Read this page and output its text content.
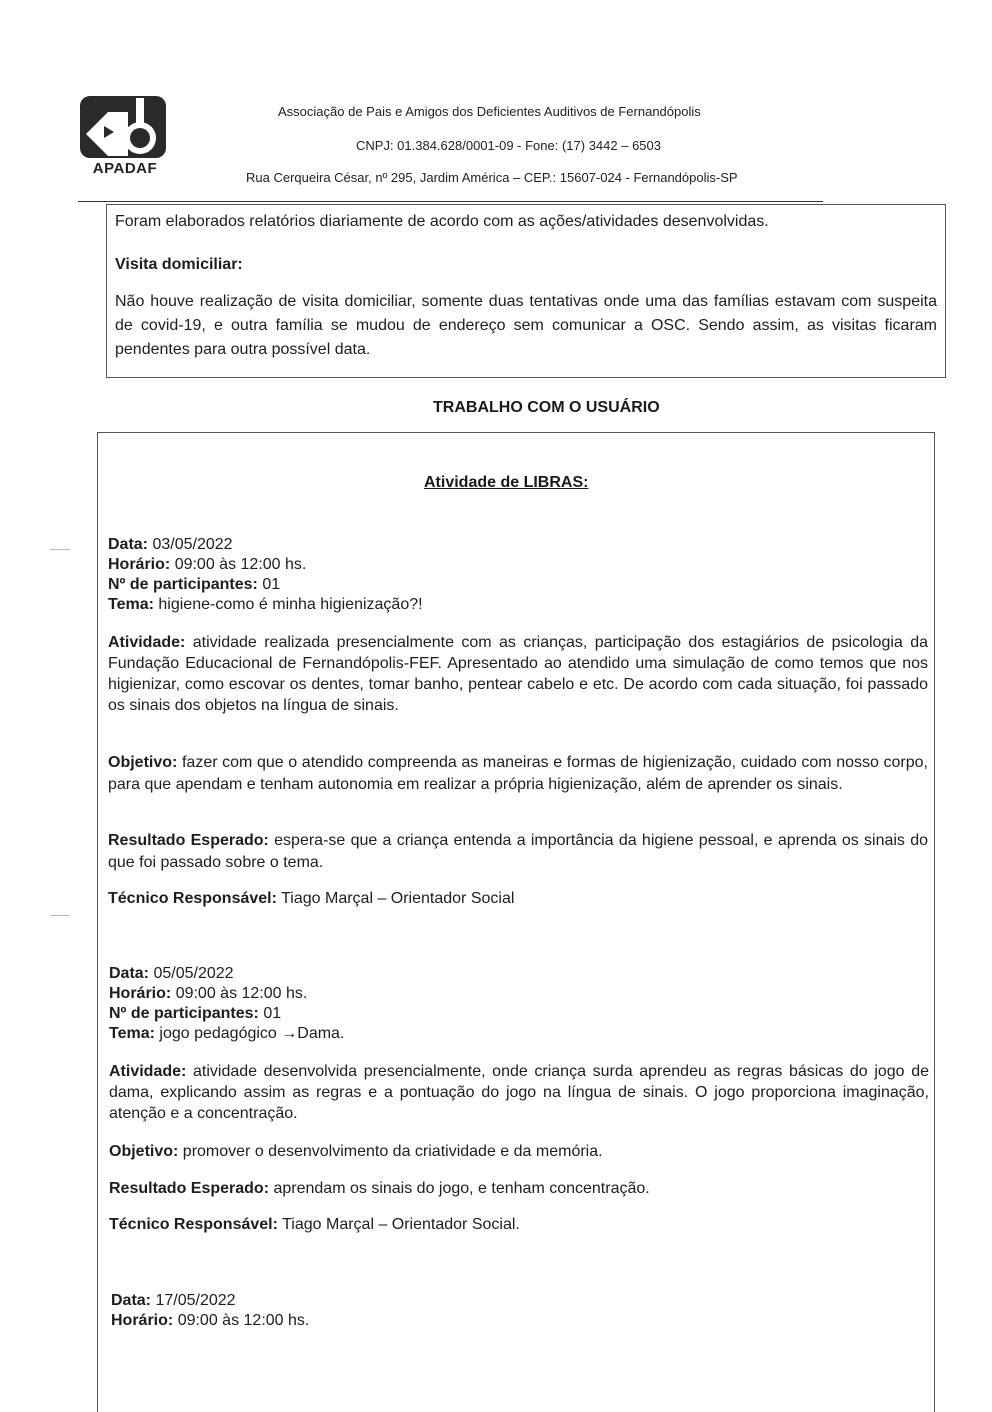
APADAF
Associação de Pais e Amigos dos Deficientes Auditivos de Fernandópolis
CNPJ: 01.384.628/0001-09 - Fone: (17) 3442 – 6503
Rua Cerqueira César, nº 295, Jardim América – CEP.: 15607-024 - Fernandópolis-SP
Foram elaborados relatórios diariamente de acordo com as ações/atividades desenvolvidas.
Visita domiciliar:
Não houve realização de visita domiciliar, somente duas tentativas onde uma das famílias estavam com suspeita de covid-19, e outra família se mudou de endereço sem comunicar a OSC. Sendo assim, as visitas ficaram pendentes para outra possível data.
TRABALHO COM O USUÁRIO
Atividade de LIBRAS:
Data: 03/05/2022
Horário: 09:00 às 12:00 hs.
Nº de participantes: 01
Tema: higiene-como é minha higienização?!
Atividade: atividade realizada presencialmente com as crianças, participação dos estagiários de psicologia da Fundação Educacional de Fernandópolis-FEF. Apresentado ao atendido uma simulação de como temos que nos higienizar, como escovar os dentes, tomar banho, pentear cabelo e etc. De acordo com cada situação, foi passado os sinais dos objetos na língua de sinais.
Objetivo: fazer com que o atendido compreenda as maneiras e formas de higienização, cuidado com nosso corpo, para que apendam e tenham autonomia em realizar a própria higienização, além de aprender os sinais.
Resultado Esperado: espera-se que a criança entenda a importância da higiene pessoal, e aprenda os sinais do que foi passado sobre o tema.
Técnico Responsável: Tiago Marçal – Orientador Social
Data: 05/05/2022
Horário: 09:00 às 12:00 hs.
Nº de participantes: 01
Tema: jogo pedagógico →Dama.
Atividade: atividade desenvolvida presencialmente, onde criança surda aprendeu as regras básicas do jogo de dama, explicando assim as regras e a pontuação do jogo na língua de sinais. O jogo proporciona imaginação, atenção e a concentração.
Objetivo: promover o desenvolvimento da criatividade e da memória.
Resultado Esperado: aprendam os sinais do jogo, e tenham concentração.
Técnico Responsável: Tiago Marçal – Orientador Social.
Data: 17/05/2022
Horário: 09:00 às 12:00 hs.
